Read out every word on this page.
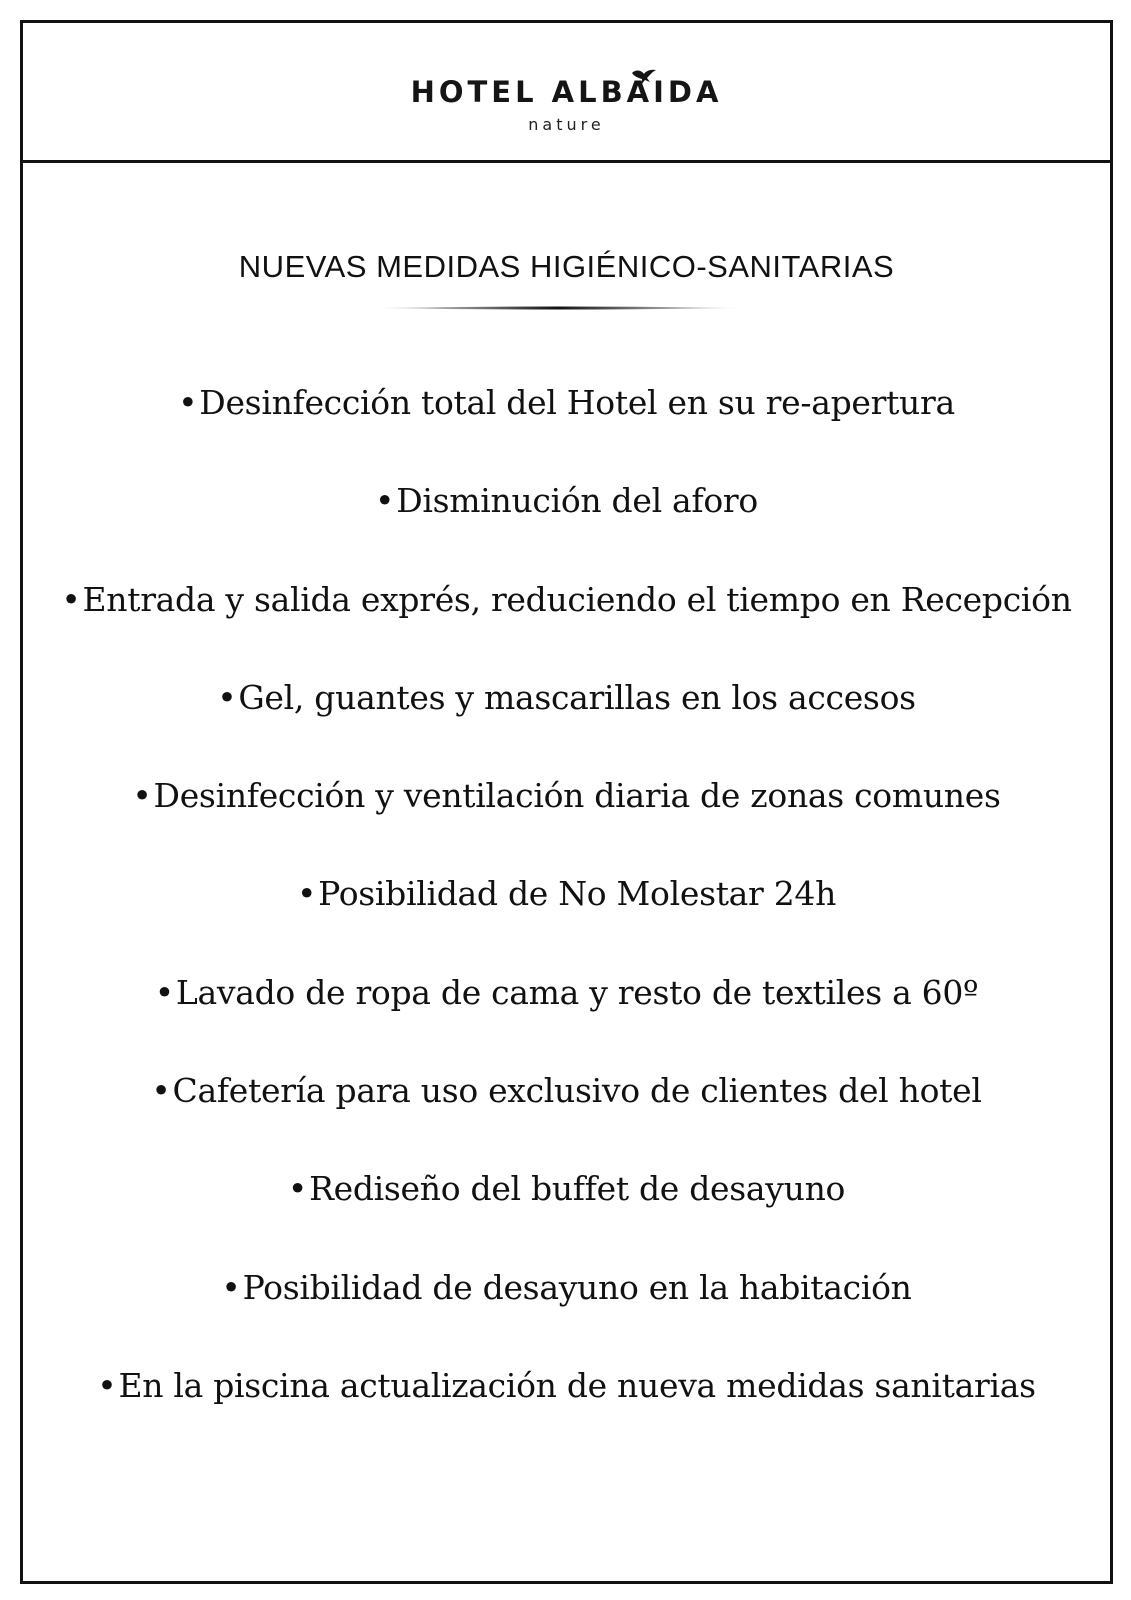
HOTEL ALBAIDA
nature
NUEVAS MEDIDAS HIGIÉNICO-SANITARIAS
•Desinfección total del Hotel en su re-apertura
•Disminución del aforo
•Entrada y salida exprés, reduciendo el tiempo en Recepción
•Gel, guantes y mascarillas en los accesos
•Desinfección y ventilación diaria de zonas comunes
•Posibilidad de No Molestar 24h
•Lavado de ropa de cama y resto de textiles a 60º
•Cafetería para uso exclusivo de clientes del hotel
•Rediseño del buffet de desayuno
•Posibilidad de desayuno en la habitación
•En la piscina actualización de nueva medidas sanitarias
